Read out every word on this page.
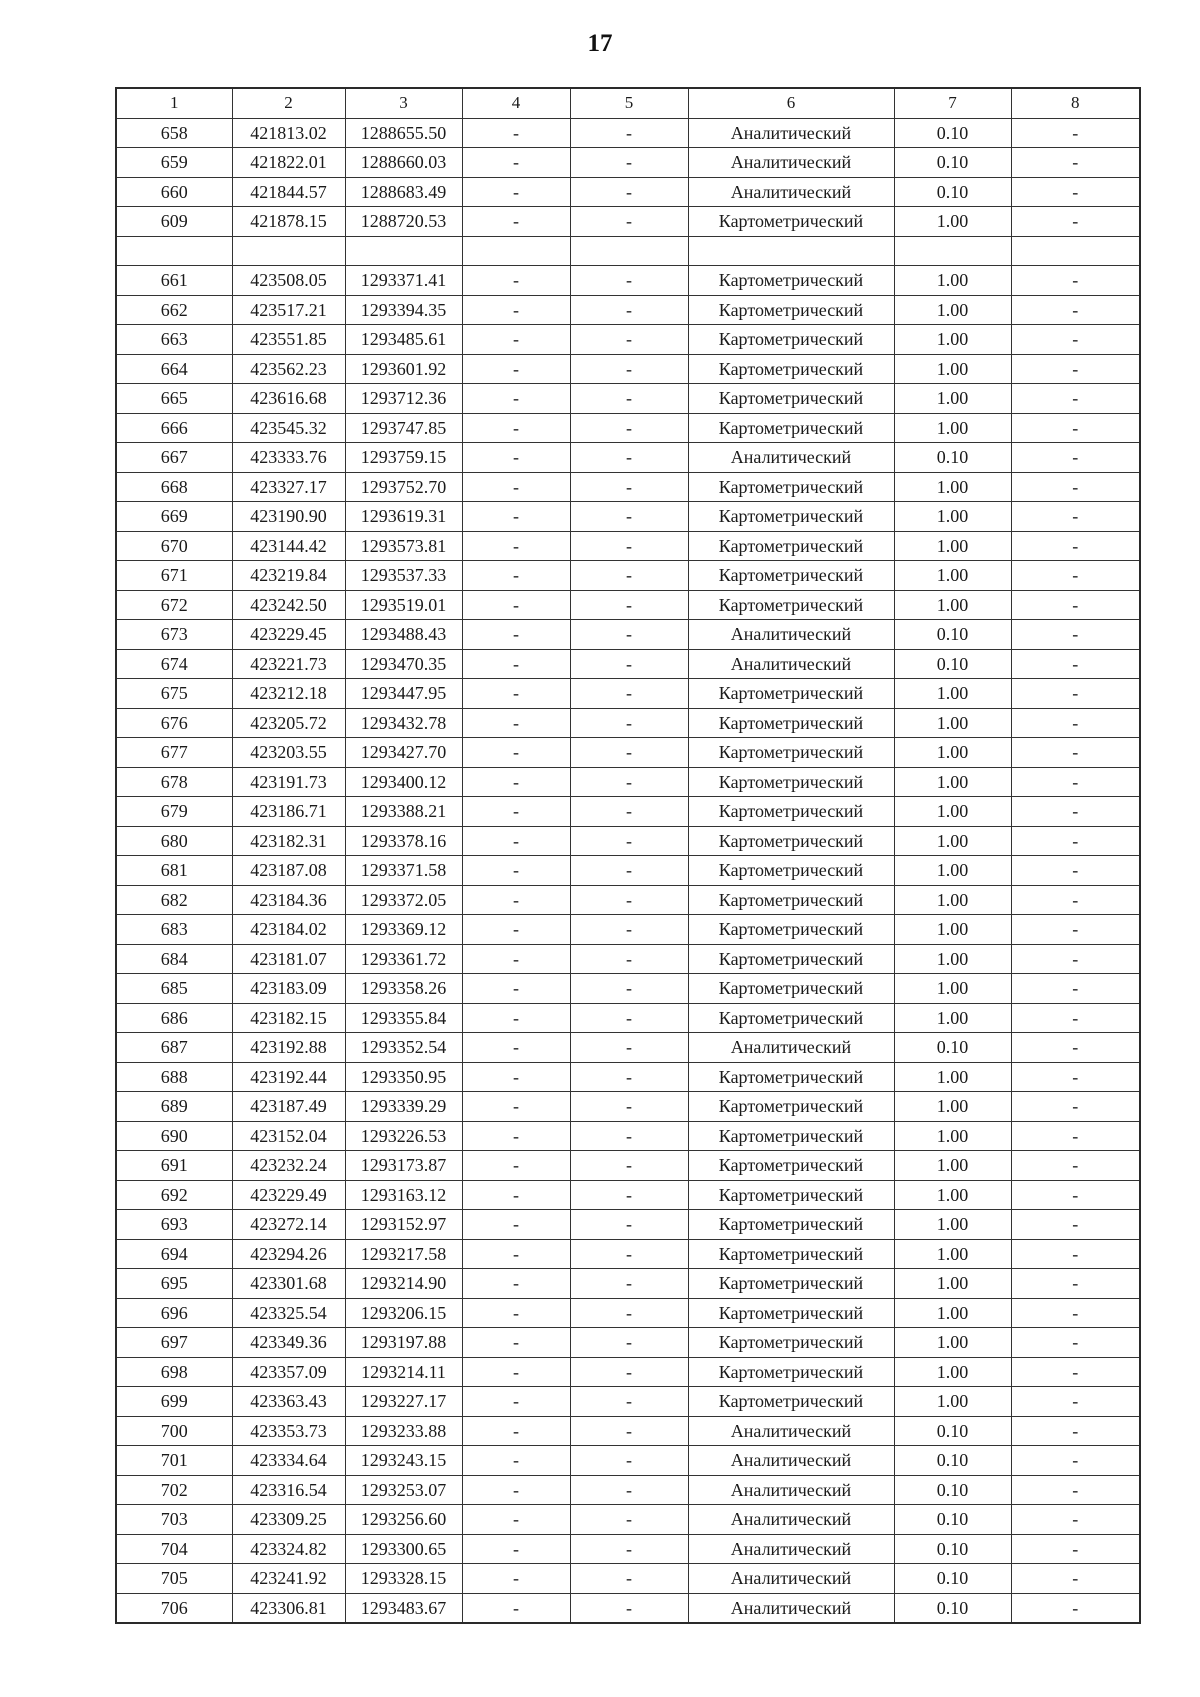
17
1	2	3	4	5	6	7	8
658	421813.02	1288655.50	-	-	Аналитический	0.10	-
659	421822.01	1288660.03	-	-	Аналитический	0.10	-
660	421844.57	1288683.49	-	-	Аналитический	0.10	-
609	421878.15	1288720.53	-	-	Картометрический	1.00	-

661	423508.05	1293371.41	-	-	Картометрический	1.00	-
662	423517.21	1293394.35	-	-	Картометрический	1.00	-
663	423551.85	1293485.61	-	-	Картометрический	1.00	-
664	423562.23	1293601.92	-	-	Картометрический	1.00	-
665	423616.68	1293712.36	-	-	Картометрический	1.00	-
666	423545.32	1293747.85	-	-	Картометрический	1.00	-
667	423333.76	1293759.15	-	-	Аналитический	0.10	-
668	423327.17	1293752.70	-	-	Картометрический	1.00	-
669	423190.90	1293619.31	-	-	Картометрический	1.00	-
670	423144.42	1293573.81	-	-	Картометрический	1.00	-
671	423219.84	1293537.33	-	-	Картометрический	1.00	-
672	423242.50	1293519.01	-	-	Картометрический	1.00	-
673	423229.45	1293488.43	-	-	Аналитический	0.10	-
674	423221.73	1293470.35	-	-	Аналитический	0.10	-
675	423212.18	1293447.95	-	-	Картометрический	1.00	-
676	423205.72	1293432.78	-	-	Картометрический	1.00	-
677	423203.55	1293427.70	-	-	Картометрический	1.00	-
678	423191.73	1293400.12	-	-	Картометрический	1.00	-
679	423186.71	1293388.21	-	-	Картометрический	1.00	-
680	423182.31	1293378.16	-	-	Картометрический	1.00	-
681	423187.08	1293371.58	-	-	Картометрический	1.00	-
682	423184.36	1293372.05	-	-	Картометрический	1.00	-
683	423184.02	1293369.12	-	-	Картометрический	1.00	-
684	423181.07	1293361.72	-	-	Картометрический	1.00	-
685	423183.09	1293358.26	-	-	Картометрический	1.00	-
686	423182.15	1293355.84	-	-	Картометрический	1.00	-
687	423192.88	1293352.54	-	-	Аналитический	0.10	-
688	423192.44	1293350.95	-	-	Картометрический	1.00	-
689	423187.49	1293339.29	-	-	Картометрический	1.00	-
690	423152.04	1293226.53	-	-	Картометрический	1.00	-
691	423232.24	1293173.87	-	-	Картометрический	1.00	-
692	423229.49	1293163.12	-	-	Картометрический	1.00	-
693	423272.14	1293152.97	-	-	Картометрический	1.00	-
694	423294.26	1293217.58	-	-	Картометрический	1.00	-
695	423301.68	1293214.90	-	-	Картометрический	1.00	-
696	423325.54	1293206.15	-	-	Картометрический	1.00	-
697	423349.36	1293197.88	-	-	Картометрический	1.00	-
698	423357.09	1293214.11	-	-	Картометрический	1.00	-
699	423363.43	1293227.17	-	-	Картометрический	1.00	-
700	423353.73	1293233.88	-	-	Аналитический	0.10	-
701	423334.64	1293243.15	-	-	Аналитический	0.10	-
702	423316.54	1293253.07	-	-	Аналитический	0.10	-
703	423309.25	1293256.60	-	-	Аналитический	0.10	-
704	423324.82	1293300.65	-	-	Аналитический	0.10	-
705	423241.92	1293328.15	-	-	Аналитический	0.10	-
706	423306.81	1293483.67	-	-	Аналитический	0.10	-
